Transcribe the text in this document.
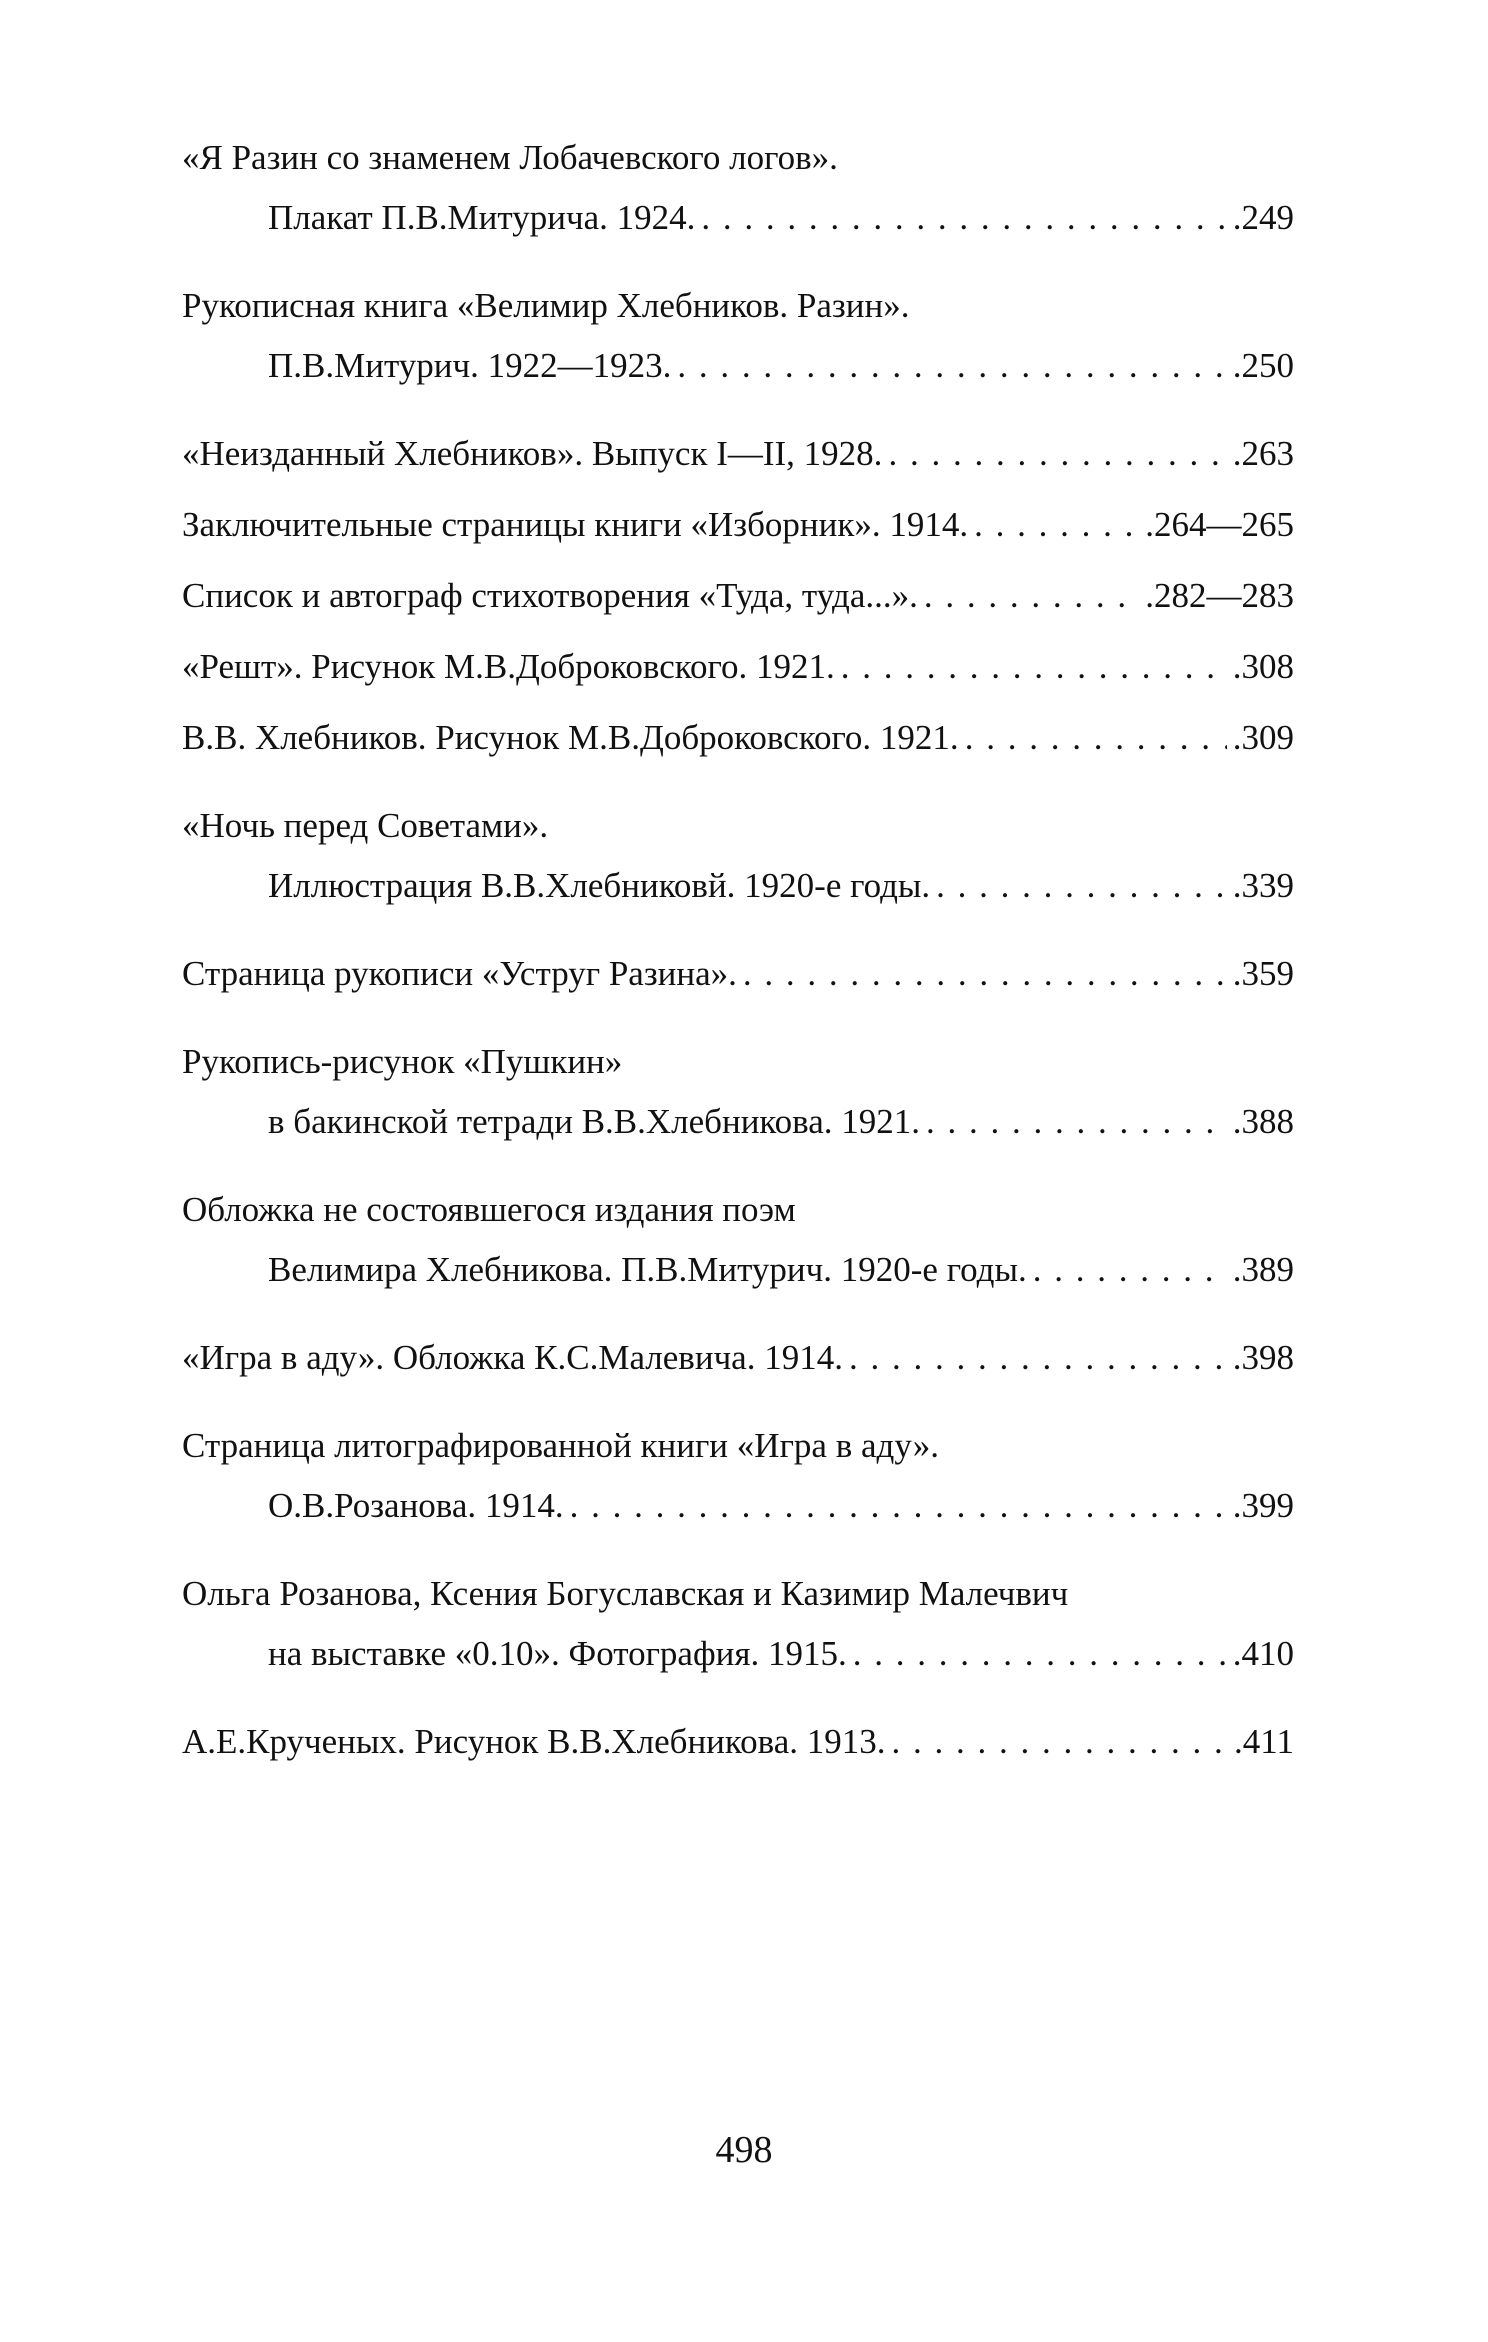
«Я Разин со знаменем Лобачевского логов».
Плакат П.В.Митурича. 1924. . . .	.249
Рукописная книга «Велимир Хлебников. Разин».
П.В.Митурич. 1922—1923. . . .	.250
«Неизданный Хлебников». Выпуск I—II, 1928. . . .	.263
Заключительные страницы книги «Изборник». 1914. . . .	.264—265
Список и автограф стихотворения «Туда, туда...». . . .	.282—283
«Решт». Рисунок М.В.Доброковского. 1921. . . .	.308
В.В. Хлебников. Рисунок М.В.Доброковского. 1921. . . .	.309
«Ночь перед Советами».
Иллюстрация В.В.Хлебниковй. 1920-е годы. . . .	.339
Страница рукописи «Уструг Разина». . . .	.359
Рукопись-рисунок «Пушкин»
в бакинской тетради В.В.Хлебникова. 1921. . . .	.388
Обложка не состоявшегося издания поэм
Велимира Хлебникова. П.В.Митурич. 1920-е годы. . . .	.389
«Игра в аду». Обложка К.С.Малевича. 1914. . . .	.398
Страница литографированной книги «Игра в аду».
О.В.Розанова. 1914. . . .	.399
Ольга Розанова, Ксения Богуславская и Казимир Малечвич
на выставке «0.10». Фотография. 1915. . . .	.410
А.Е.Крученых. Рисунок В.В.Хлебникова. 1913. . . .	.411
498
